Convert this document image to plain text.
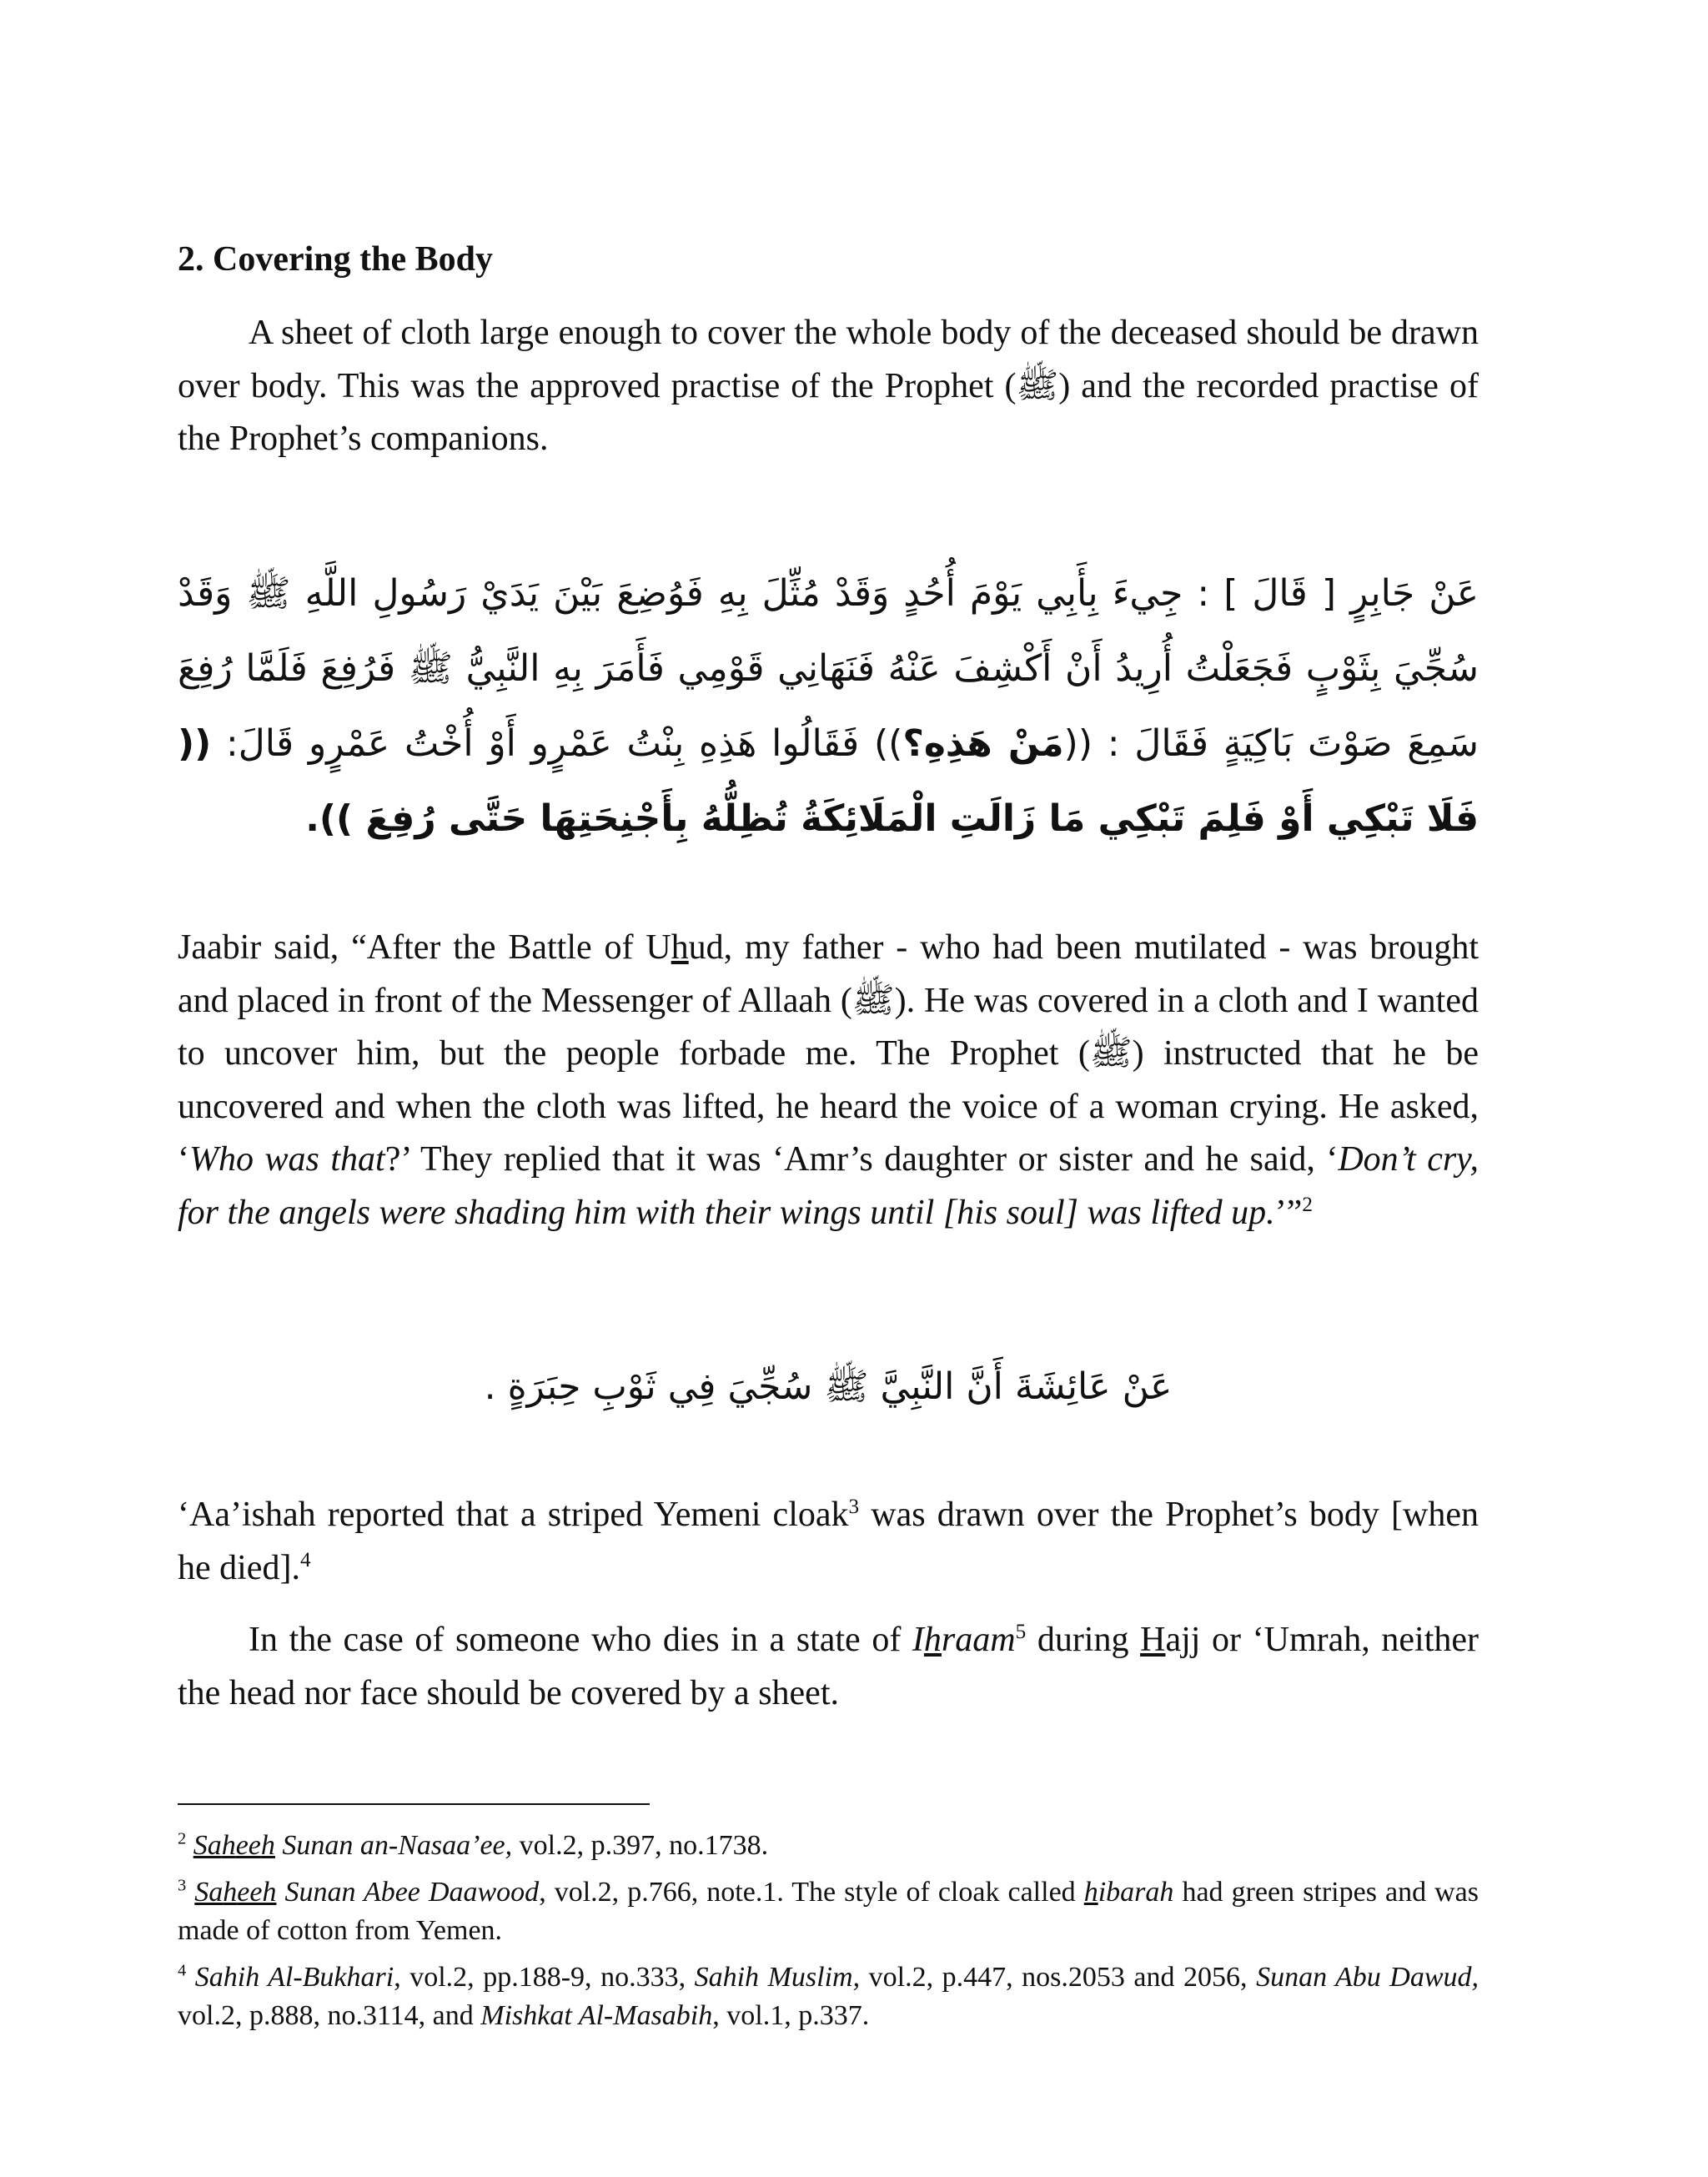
2. Covering the Body
A sheet of cloth large enough to cover the whole body of the deceased should be drawn over body. This was the approved practise of the Prophet (ﷺ) and the recorded practise of the Prophet’s companions.
عَنْ جَابِرٍ [ قَالَ ] : جِيءَ بِأَبِي يَوْمَ أُحُدٍ وَقَدْ مُثِّلَ بِهِ فَوُضِعَ بَيْنَ يَدَيْ رَسُولِ اللَّهِ ﷺ وَقَدْ سُجِّيَ بِثَوْبٍ فَجَعَلْتُ أُرِيدُ أَنْ أَكْشِفَ عَنْهُ فَنَهَانِي قَوْمِي فَأَمَرَ بِهِ النَّبِيُّ ﷺ فَرُفِعَ فَلَمَّا رُفِعَ سَمِعَ صَوْتَ بَاكِيَةٍ فَقَالَ : ((مَنْ هَذِهِ؟)) فَقَالُوا هَذِهِ بِنْتُ عَمْرٍو أَوْ أُخْتُ عَمْرٍو قَالَ: (( فَلَا تَبْكِي أَوْ فَلِمَ تَبْكِي مَا زَالَتِ الْمَلَائِكَةُ تُظِلُّهُ بِأَجْنِحَتِهَا حَتَّى رُفِعَ )).
Jaabir said, “After the Battle of Uhud, my father - who had been mutilated - was brought and placed in front of the Messenger of Allaah (ﷺ). He was covered in a cloth and I wanted to uncover him, but the people forbade me. The Prophet (ﷺ) instructed that he be uncovered and when the cloth was lifted, he heard the voice of a woman crying. He asked, ‘Who was that?’ They replied that it was ‘Amr’s daughter or sister and he said, ‘Don’t cry, for the angels were shading him with their wings until [his soul] was lifted up.’”$^2$
عَنْ عَائِشَةَ أَنَّ النَّبِيَّ ﷺ سُجِّيَ فِي ثَوْبِ حِبَرَةٍ .
‘Aa’ishah reported that a striped Yemeni cloak$^3$ was drawn over the Prophet’s body [when he died].$^4$
In the case of someone who dies in a state of Ihraam$^5$ during Hajj or ‘Umrah, neither the head nor face should be covered by a sheet.
$^2$ Saheeh Sunan an-Nasaa’ee, vol.2, p.397, no.1738.
$^3$ Saheeh Sunan Abee Daawood, vol.2, p.766, note.1. The style of cloak called hibarah had green stripes and was made of cotton from Yemen.
$^4$ Sahih Al-Bukhari, vol.2, pp.188-9, no.333, Sahih Muslim, vol.2, p.447, nos.2053 and 2056, Sunan Abu Dawud, vol.2, p.888, no.3114, and Mishkat Al-Masabih, vol.1, p.337.
